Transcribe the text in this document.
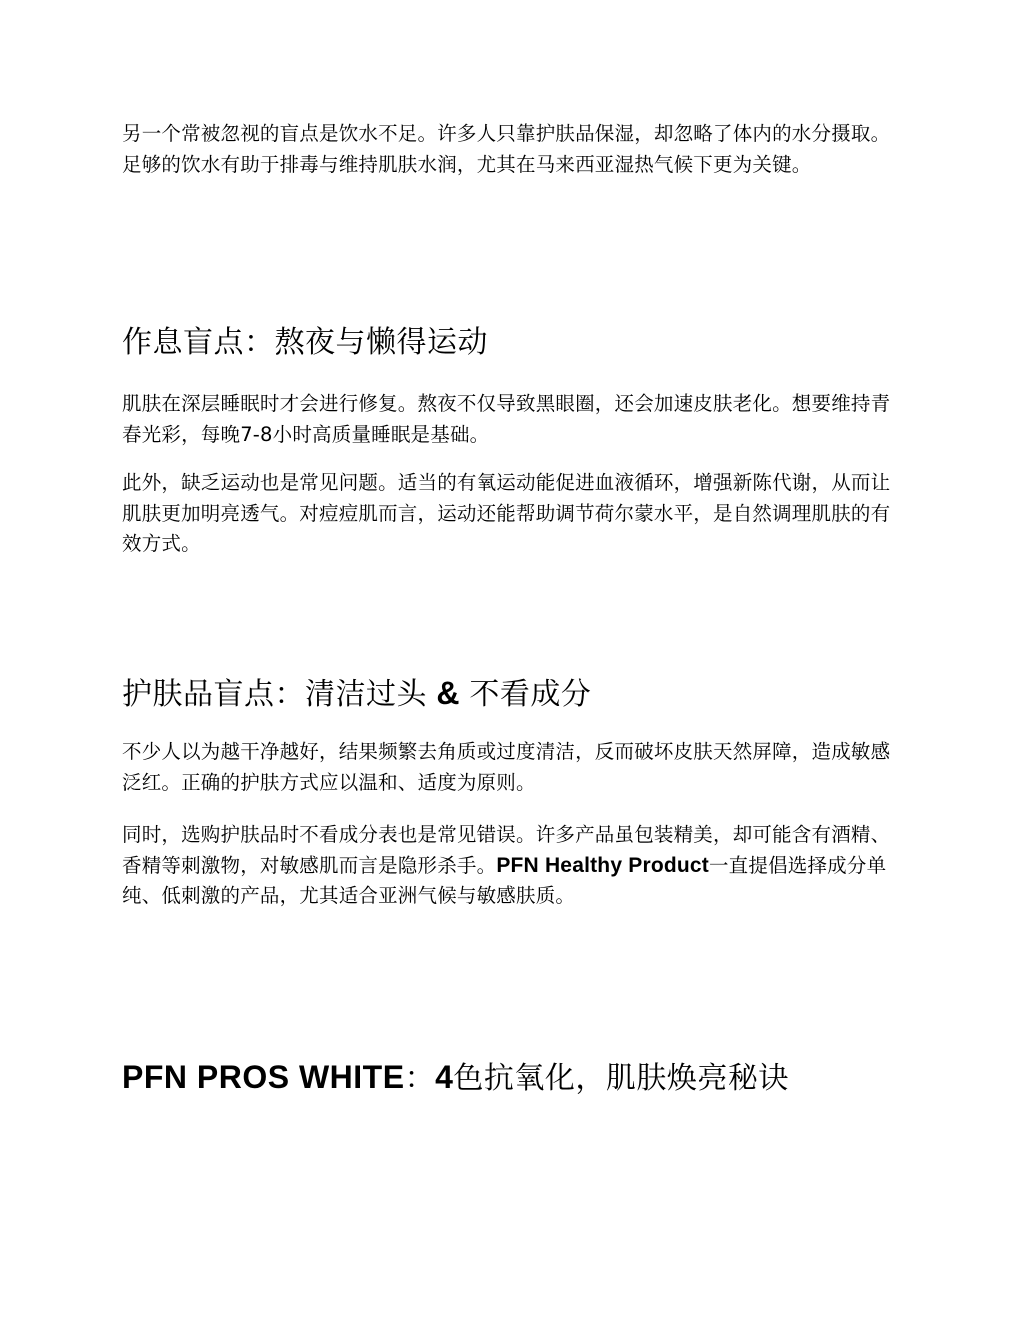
另一个常被忽视的盲点是饮水不足。许多人只靠护肤品保湿，却忽略了体内的水分摄取。足够的饮水有助于排毒与维持肌肤水润，尤其在马来西亚湿热气候下更为关键。

作息盲点：熬夜与懒得运动

肌肤在深层睡眠时才会进行修复。熬夜不仅导致黑眼圈，还会加速皮肤老化。想要维持青春光彩，每晚7-8小时高质量睡眠是基础。

此外，缺乏运动也是常见问题。适当的有氧运动能促进血液循环，增强新陈代谢，从而让肌肤更加明亮透气。对痘痘肌而言，运动还能帮助调节荷尔蒙水平，是自然调理肌肤的有效方式。

护肤品盲点：清洁过头 & 不看成分

不少人以为越干净越好，结果频繁去角质或过度清洁，反而破坏皮肤天然屏障，造成敏感泛红。正确的护肤方式应以温和、适度为原则。

同时，选购护肤品时不看成分表也是常见错误。许多产品虽包装精美，却可能含有酒精、香精等刺激物，对敏感肌而言是隐形杀手。PFN Healthy Product一直提倡选择成分单纯、低刺激的产品，尤其适合亚洲气候与敏感肤质。

PFN PROS WHITE：4色抗氧化，肌肤焕亮秘诀
